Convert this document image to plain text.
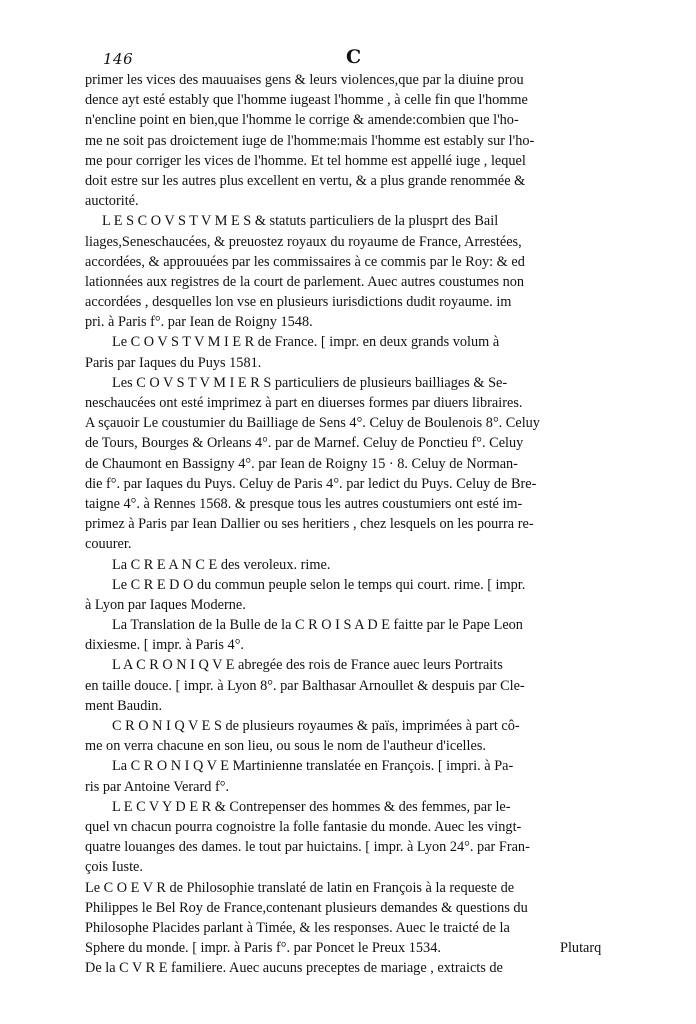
146	C
primer les vices des mauuaises gens & leurs violences,que par la diuine prou
dence ayt esté estably que l'homme iugeast l'homme , à celle fin que l'homme
n'encline point en bien,que l'homme le corrige & amende:combien que l'ho-
me ne soit pas droictement iuge de l'homme:mais l'homme est estably sur l'ho-
me pour corriger les vices de l'homme. Et tel homme est appellé iuge , lequel
doit estre sur les autres plus excellent en vertu, & a plus grande renommée &
auctorité.
L E S C O V S T V M E S & statuts particuliers de la plusprt des Bail
liages,Seneschaucées, & preuostez royaux du royaume de France, Arrestées,
accordées, & approuuées par les commissaires à ce commis par le Roy: & ed
lationnées aux registres de la court de parlement. Auec autres coustumes non
accordées , desquelles lon vse en plusieurs iurisdictions dudit royaume. im
pri. à Paris f°. par Iean de Roigny 1548.
Le C O V S T V M I E R de France. [ impr. en deux grands volum à
Paris par Iaques du Puys 1581.
Les C O V S T V M I E R S particuliers de plusieurs bailliages & Se-
neschaucées ont esté imprimez à part en diuerses formes par diuers libraires.
A sçauoir Le coustumier du Bailliage de Sens 4°. Celuy de Boulenois 8°. Celuy
de Tours, Bourges & Orleans 4°. par de Marnef. Celuy de Ponctieu f°. Celuy
de Chaumont en Bassigny 4°. par Iean de Roigny 15 · 8. Celuy de Norman-
die f°. par Iaques du Puys. Celuy de Paris 4°. par ledict du Puys. Celuy de Bre-
taigne 4°. à Rennes 1568. & presque tous les autres coustumiers ont esté im-
primez à Paris par Iean Dallier ou ses heritiers , chez lesquels on les pourra re-
couurer.
La C R E A N C E des veroleux. rime.
Le C R E D O du commun peuple selon le temps qui court. rime. [ impr.
à Lyon par Iaques Moderne.
La Translation de la Bulle de la C R O I S A D E faitte par le Pape Leon
dixiesme. [ impr. à Paris 4°.
L A C R O N I Q V E abregée des rois de France auec leurs Portraits
en taille douce. [ impr. à Lyon 8°. par Balthasar Arnoullet & despuis par Cle-
ment Baudin.
C R O N I Q V E S de plusieurs royaumes & païs, imprimées à part cô-
me on verra chacune en son lieu, ou sous le nom de l'autheur d'icelles.
La C R O N I Q V E Martinienne translatée en François. [ impri. à Pa-
ris par Antoine Verard f°.
L E C V Y D E R & Contrepenser des hommes & des femmes, par le-
quel vn chacun pourra cognoistre la folle fantasie du monde. Auec les vingt-
quatre louanges des dames. le tout par huictains. [ impr. à Lyon 24°. par Fran-
çois Iuste.
Le C O E V R de Philosophie translaté de latin en François à la requeste de
Philippes le Bel Roy de France,contenant plusieurs demandes & questions du
Philosophe Placides parlant à Timée, & les responses. Auec le traicté de la
Sphere du monde. [ impr. à Paris f°. par Poncet le Preux 1534.
De la C V R E familiere. Auec aucuns preceptes de mariage , extraicts de
Plutarq
